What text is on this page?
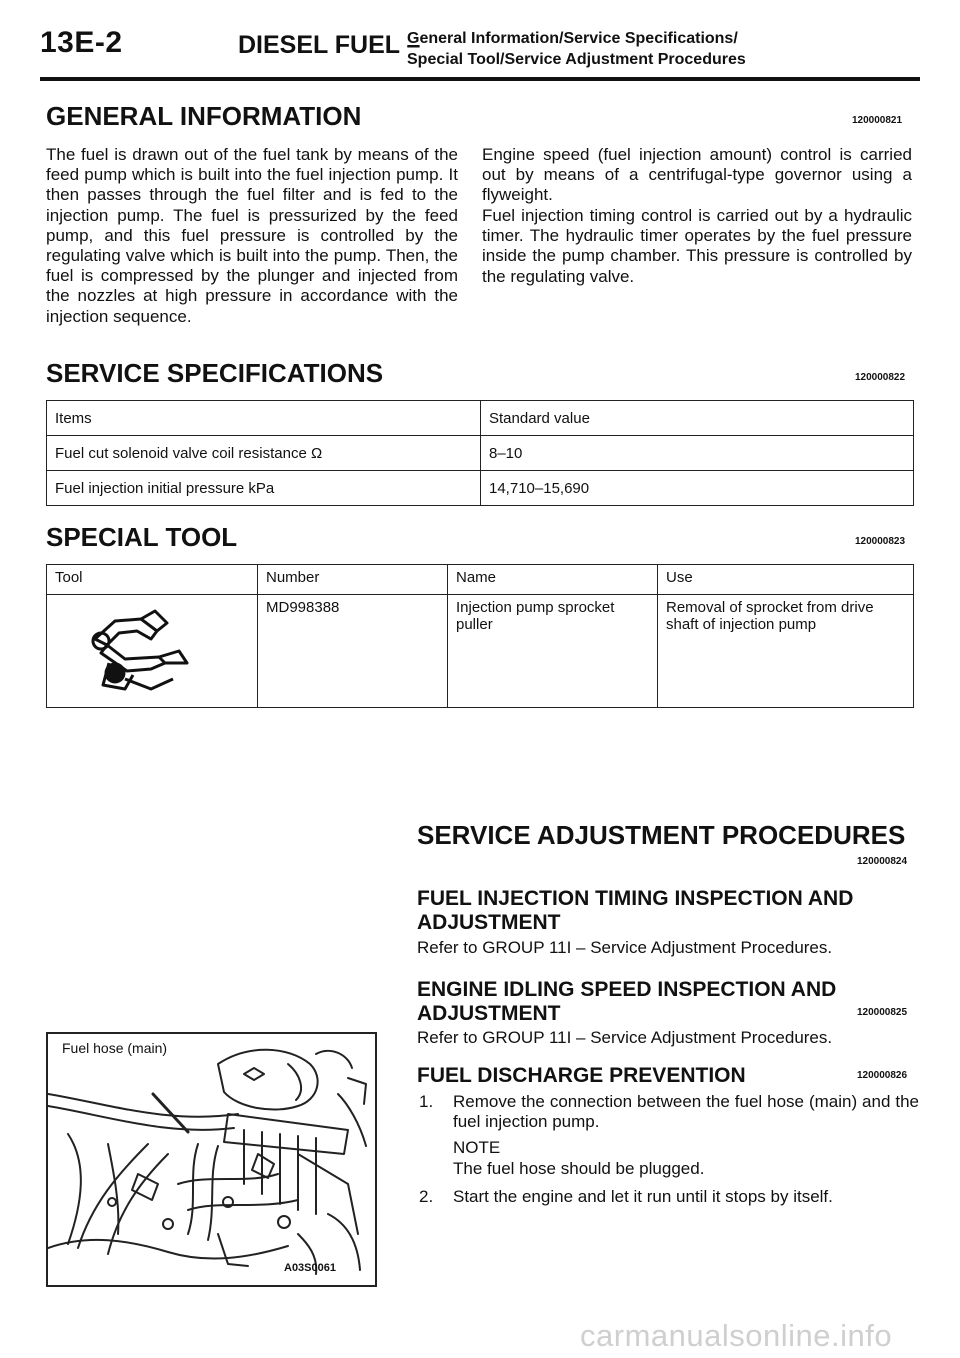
13E-2	DIESEL FUEL –
General Information/Service Specifications/
Special Tool/Service Adjustment Procedures
GENERAL INFORMATION	120000821
The fuel is drawn out of the fuel tank by means of the feed pump which is built into the fuel injection pump. It then passes through the fuel filter and is fed to the injection pump. The fuel is pressurized by the feed pump, and this fuel pressure is controlled by the regulating valve which is built into the pump. Then, the fuel is compressed by the plunger and injected from the nozzles at high pressure in accordance with the injection sequence.
Engine speed (fuel injection amount) control is carried out by means of a centrifugal-type governor using a flyweight.
Fuel injection timing control is carried out by a hydraulic timer. The hydraulic timer operates by the fuel pressure inside the pump chamber. This pressure is controlled by the regulating valve.
SERVICE SPECIFICATIONS	120000822
Items	Standard value
Fuel cut solenoid valve coil resistance Ω	8–10
Fuel injection initial pressure kPa	14,710–15,690
SPECIAL TOOL	120000823
Tool	Number	Name	Use
	MD998388	Injection pump sprocket puller	Removal of sprocket from drive shaft of injection pump
SERVICE ADJUSTMENT PROCEDURES
120000824
FUEL INJECTION TIMING INSPECTION AND ADJUSTMENT
Refer to GROUP 11I – Service Adjustment Procedures.
ENGINE IDLING SPEED INSPECTION AND ADJUSTMENT	120000825
Refer to GROUP 11I – Service Adjustment Procedures.
FUEL DISCHARGE PREVENTION	120000826
1. Remove the connection between the fuel hose (main) and the fuel injection pump.
NOTE
The fuel hose should be plugged.
2. Start the engine and let it run until it stops by itself.
Fuel hose (main)
A03S0061
carmanualsonline.info
